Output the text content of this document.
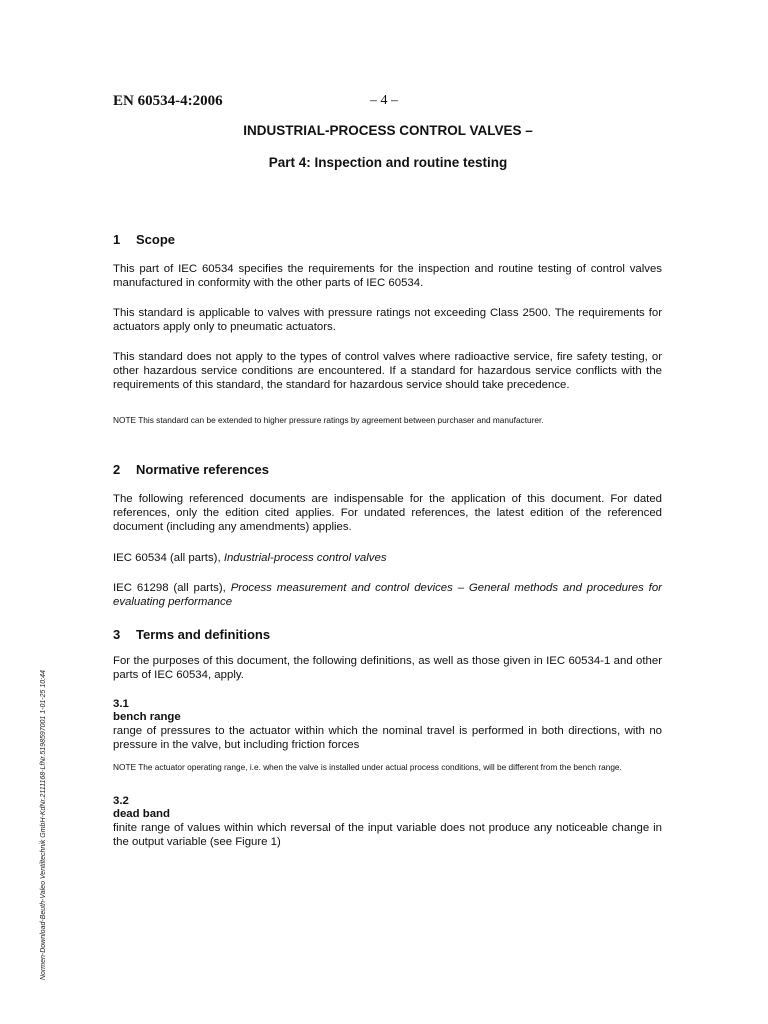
EN 60534-4:2006	– 4 –
INDUSTRIAL-PROCESS CONTROL VALVES –
Part 4: Inspection and routine testing
1 Scope
This part of IEC 60534 specifies the requirements for the inspection and routine testing of control valves manufactured in conformity with the other parts of IEC 60534.
This standard is applicable to valves with pressure ratings not exceeding Class 2500. The requirements for actuators apply only to pneumatic actuators.
This standard does not apply to the types of control valves where radioactive service, fire safety testing, or other hazardous service conditions are encountered. If a standard for hazardous service conflicts with the requirements of this standard, the standard for hazardous service should take precedence.
NOTE This standard can be extended to higher pressure ratings by agreement between purchaser and manufacturer.
2 Normative references
The following referenced documents are indispensable for the application of this document. For dated references, only the edition cited applies. For undated references, the latest edition of the referenced document (including any amendments) applies.
IEC 60534 (all parts), Industrial-process control valves
IEC 61298 (all parts), Process measurement and control devices – General methods and procedures for evaluating performance
3 Terms and definitions
For the purposes of this document, the following definitions, as well as those given in IEC 60534-1 and other parts of IEC 60534, apply.
3.1
bench range
range of pressures to the actuator within which the nominal travel is performed in both directions, with no pressure in the valve, but including friction forces
NOTE The actuator operating range, i.e. when the valve is installed under actual process conditions, will be different from the bench range.
3.2
dead band
finite range of values within which reversal of the input variable does not produce any noticeable change in the output variable (see Figure 1)
Normen-Download-Beuth-Valeo Ventiltechnik GmbH-KdNr.2111168-LfNr.5198597001 1-01-25 10:44
